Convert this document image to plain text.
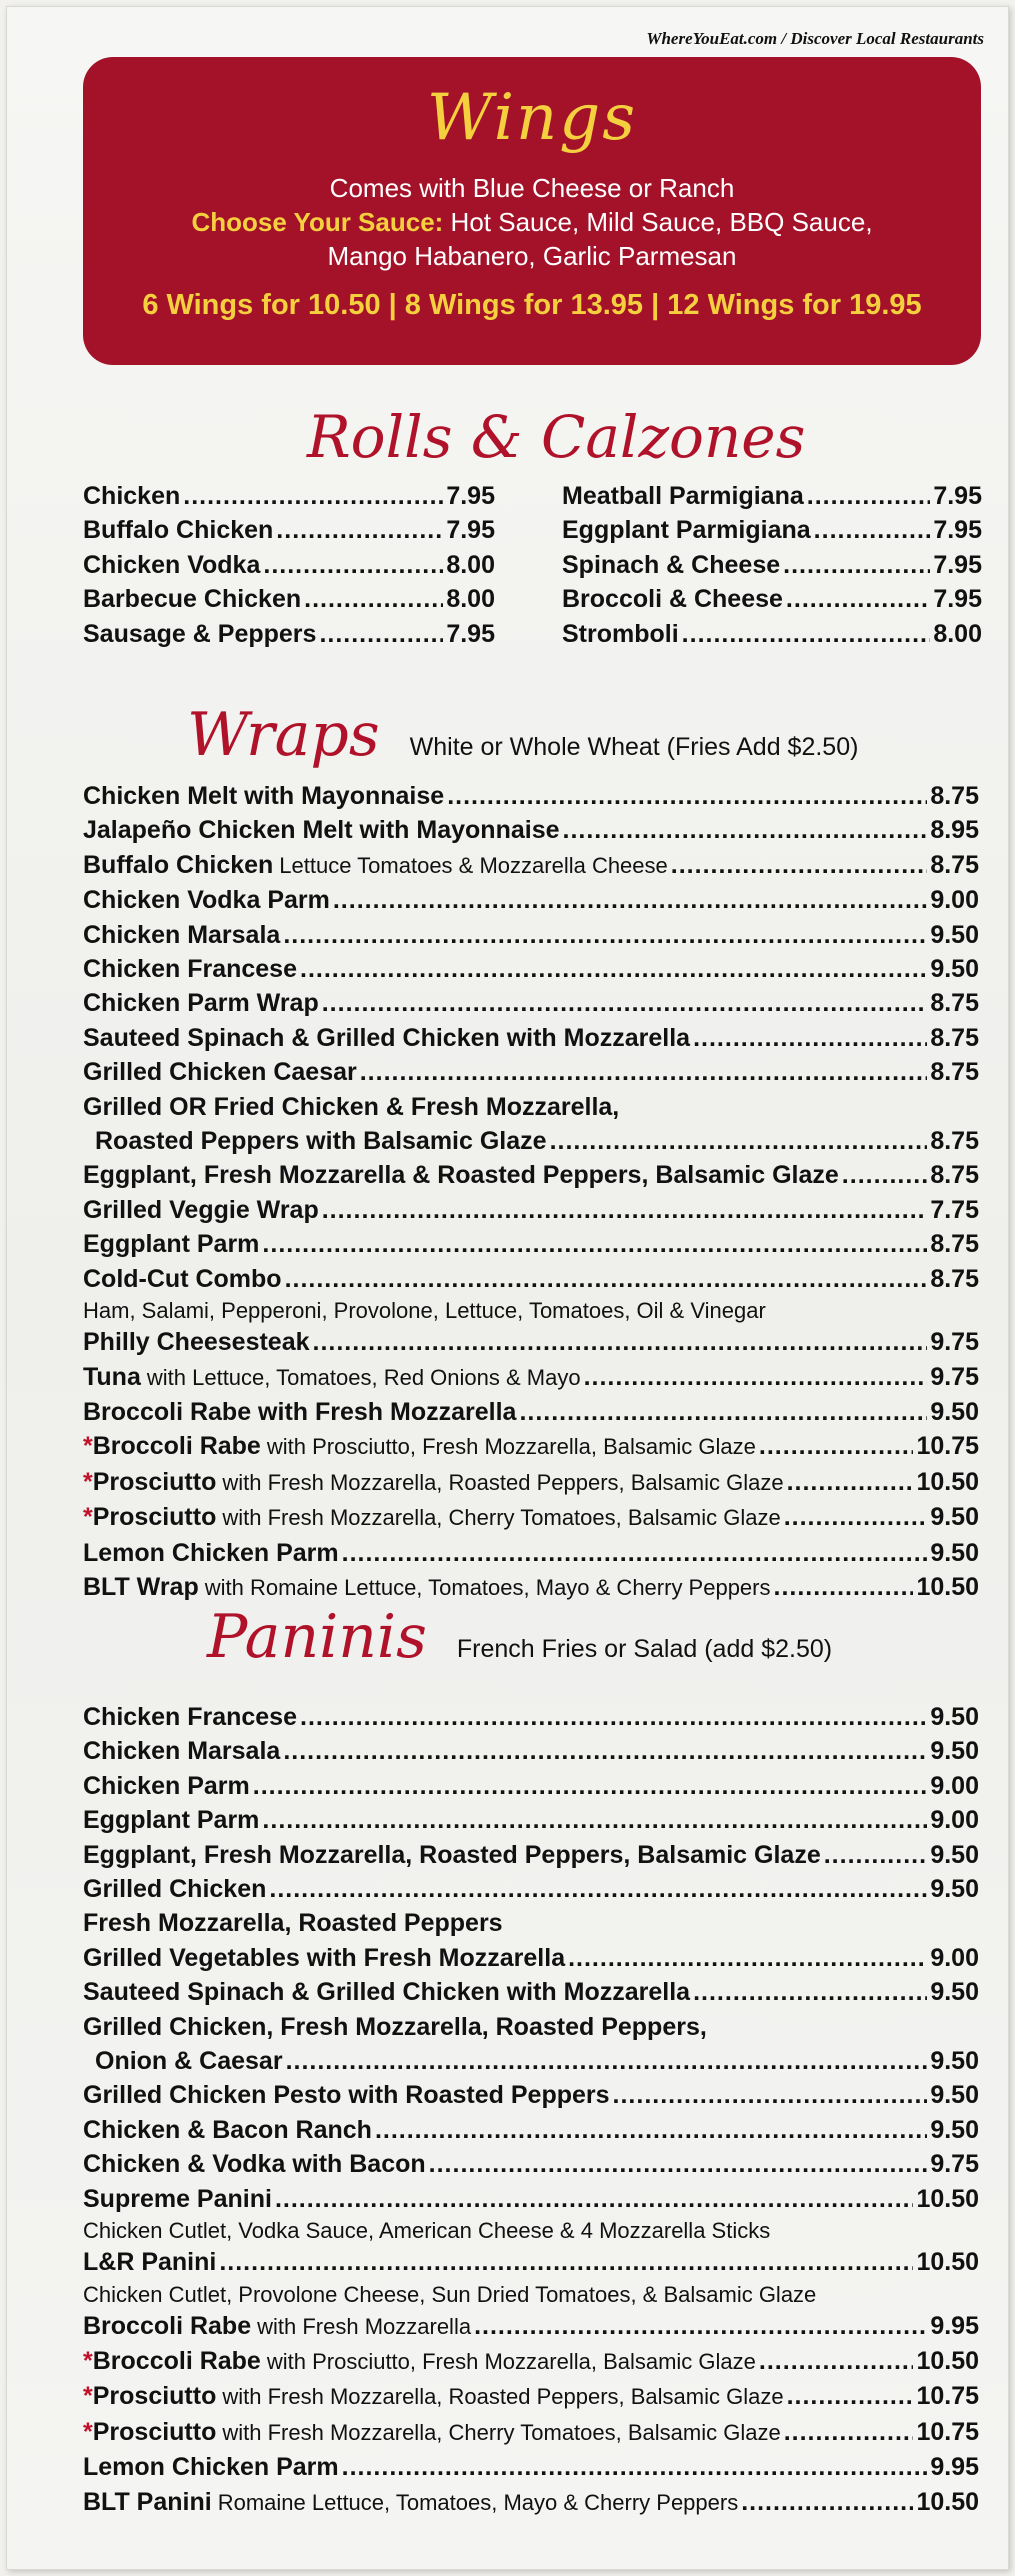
WhereYouEat.com / Discover Local Restaurants
Wings
Comes with Blue Cheese or Ranch
Choose Your Sauce: Hot Sauce, Mild Sauce, BBQ Sauce,
Mango Habanero, Garlic Parmesan
6 Wings for 10.50 | 8 Wings for 13.95 | 12 Wings for 19.95
Rolls & Calzones
Chicken .....	7.95
Buffalo Chicken .....	7.95
Chicken Vodka .....	8.00
Barbecue Chicken .....	8.00
Sausage & Peppers .....	7.95
Meatball Parmigiana .....	7.95
Eggplant Parmigiana .....	7.95
Spinach & Cheese .....	7.95
Broccoli & Cheese .....	7.95
Stromboli .....	8.00
Wraps White or Whole Wheat (Fries Add $2.50)
Chicken Melt with Mayonnaise .....	8.75
Jalapeño Chicken Melt with Mayonnaise .....	8.95
Buffalo Chicken Lettuce Tomatoes & Mozzarella Cheese .....	8.75
Chicken Vodka Parm .....	9.00
Chicken Marsala .....	9.50
Chicken Francese .....	9.50
Chicken Parm Wrap .....	8.75
Sauteed Spinach & Grilled Chicken with Mozzarella .....	8.75
Grilled Chicken Caesar .....	8.75
Grilled OR Fried Chicken & Fresh Mozzarella,
Roasted Peppers with Balsamic Glaze .....	8.75
Eggplant, Fresh Mozzarella & Roasted Peppers, Balsamic Glaze .....	8.75
Grilled Veggie Wrap .....	7.75
Eggplant Parm .....	8.75
Cold-Cut Combo .....	8.75
Ham, Salami, Pepperoni, Provolone, Lettuce, Tomatoes, Oil & Vinegar
Philly Cheesesteak .....	9.75
Tuna with Lettuce, Tomatoes, Red Onions & Mayo .....	9.75
Broccoli Rabe with Fresh Mozzarella .....	9.50
* Broccoli Rabe with Prosciutto, Fresh Mozzarella, Balsamic Glaze .....	10.75
* Prosciutto with Fresh Mozzarella, Roasted Peppers, Balsamic Glaze .....	10.50
* Prosciutto with Fresh Mozzarella, Cherry Tomatoes, Balsamic Glaze .....	9.50
Lemon Chicken Parm .....	9.50
BLT Wrap with Romaine Lettuce, Tomatoes, Mayo & Cherry Peppers .....	10.50
Paninis French Fries or Salad (add $2.50)
Chicken Francese .....	9.50
Chicken Marsala .....	9.50
Chicken Parm .....	9.00
Eggplant Parm .....	9.00
Eggplant, Fresh Mozzarella, Roasted Peppers, Balsamic Glaze .....	9.50
Grilled Chicken .....	9.50
Fresh Mozzarella, Roasted Peppers
Grilled Vegetables with Fresh Mozzarella .....	9.00
Sauteed Spinach & Grilled Chicken with Mozzarella .....	9.50
Grilled Chicken, Fresh Mozzarella, Roasted Peppers,
Onion & Caesar .....	9.50
Grilled Chicken Pesto with Roasted Peppers .....	9.50
Chicken & Bacon Ranch .....	9.50
Chicken & Vodka with Bacon .....	9.75
Supreme Panini .....	10.50
Chicken Cutlet, Vodka Sauce, American Cheese & 4 Mozzarella Sticks
L&R Panini .....	10.50
Chicken Cutlet, Provolone Cheese, Sun Dried Tomatoes, & Balsamic Glaze
Broccoli Rabe with Fresh Mozzarella .....	9.95
* Broccoli Rabe with Prosciutto, Fresh Mozzarella, Balsamic Glaze .....	10.50
* Prosciutto with Fresh Mozzarella, Roasted Peppers, Balsamic Glaze .....	10.75
* Prosciutto with Fresh Mozzarella, Cherry Tomatoes, Balsamic Glaze .....	10.75
Lemon Chicken Parm .....	9.95
BLT Panini Romaine Lettuce, Tomatoes, Mayo & Cherry Peppers .....	10.50
